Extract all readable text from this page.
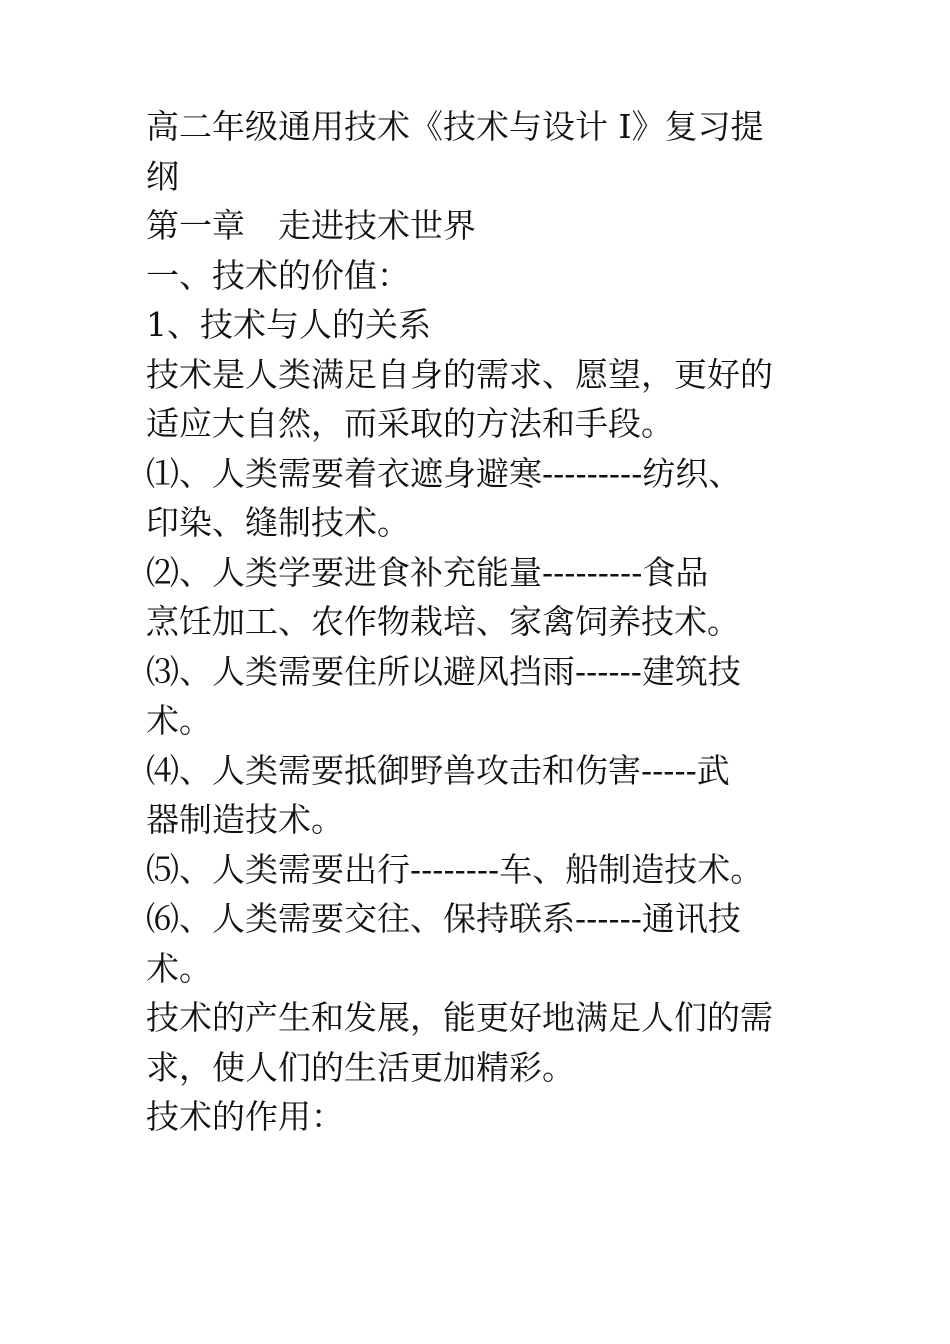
高二年级通用技术《技术与设计 I》复习提

纲

第一章　走进技术世界

一、技术的价值：

1、技术与人的关系

技术是人类满足自身的需求、愿望，更好的

适应大自然，而采取的方法和手段。

⑴、人类需要着衣遮身避寒---------纺织、

印染、缝制技术。

⑵、人类学要进食补充能量---------食品

烹饪加工、农作物栽培、家禽饲养技术。

⑶、人类需要住所以避风挡雨------建筑技

术。

⑷、人类需要抵御野兽攻击和伤害-----武

器制造技术。

⑸、人类需要出行--------车、船制造技术。

⑹、人类需要交往、保持联系------通讯技

术。

技术的产生和发展，能更好地满足人们的需

求，使人们的生活更加精彩。

技术的作用：
